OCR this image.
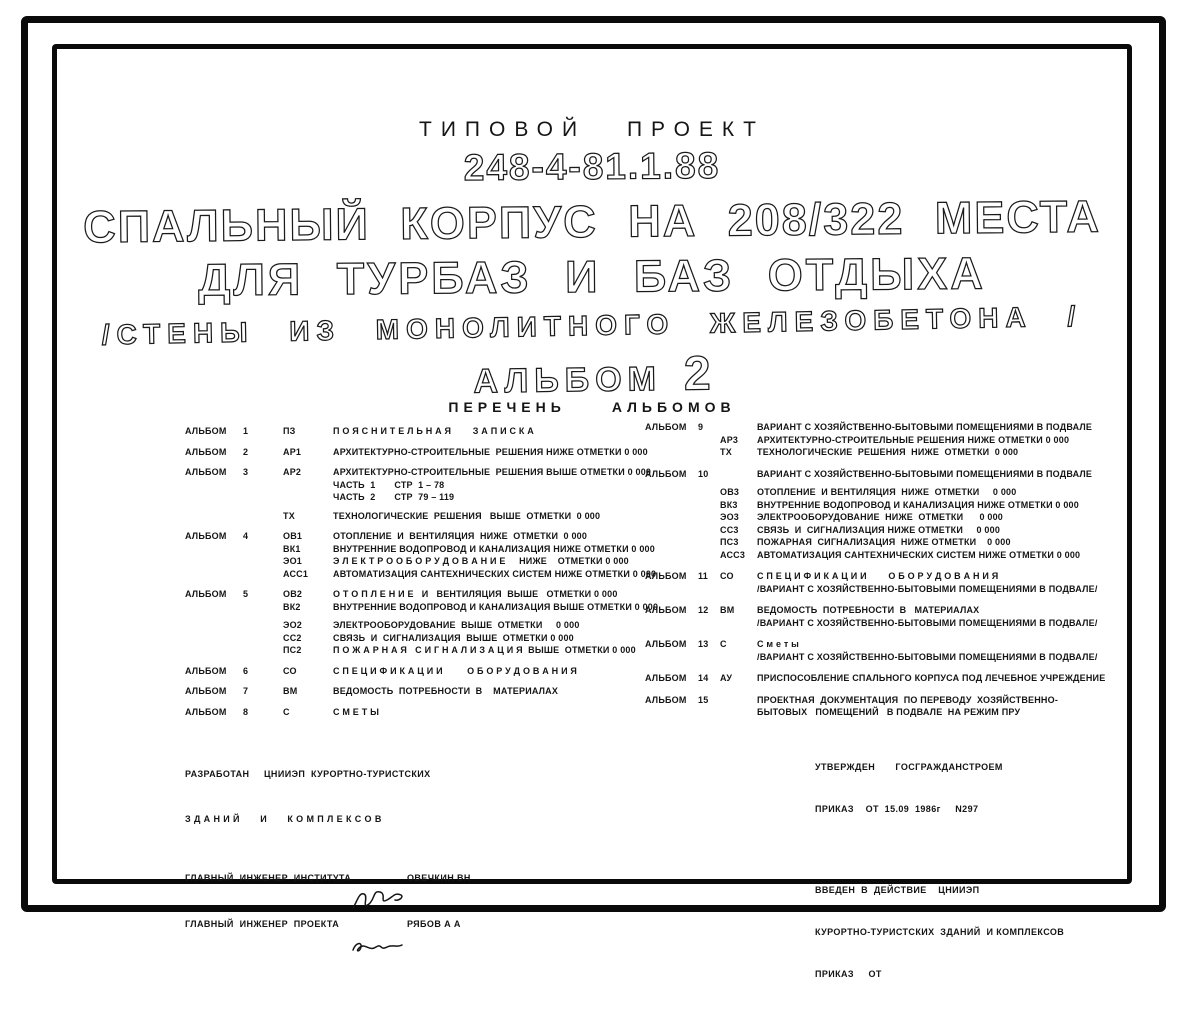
ТИПОВОЙ ПРОЕКТ
248-4-81.1.88
СПАЛЬНЫЙ КОРПУС НА 208/322 МЕСТА
ДЛЯ ТУРБАЗ И БАЗ ОТДЫХА
/СТЕНЫ ИЗ МОНОЛИТНОГО ЖЕЛЕЗОБЕТОНА /
АЛЬБОМ 2
ПЕРЕЧЕНЬ	АЛЬБОМОВ
АЛЬБОМ	1	ПЗ	П О Я С Н И Т Е Л Ь Н А Я        З А П И С К А
АЛЬБОМ	2	АР1	АРХИТЕКТУРНО-СТРОИТЕЛЬНЫЕ  РЕШЕНИЯ НИЖЕ ОТМЕТКИ 0 000
АЛЬБОМ	3	АР2	АРХИТЕКТУРНО-СТРОИТЕЛЬНЫЕ  РЕШЕНИЯ ВЫШЕ ОТМЕТКИ 0 000
ЧАСТЬ  1       СТР  1 – 78
ЧАСТЬ  2       СТР  79 – 119
ТХ	ТЕХНОЛОГИЧЕСКИЕ  РЕШЕНИЯ   ВЫШЕ  ОТМЕТКИ  0 000
АЛЬБОМ	4	ОВ1	ОТОПЛЕНИЕ  И  ВЕНТИЛЯЦИЯ  НИЖЕ  ОТМЕТКИ  0 000
ВК1	ВНУТРЕННИЕ ВОДОПРОВОД И КАНАЛИЗАЦИЯ НИЖЕ ОТМЕТКИ 0 000
ЭО1	Э Л Е К Т Р О О Б О Р У Д О В А Н И Е     НИЖЕ    ОТМЕТКИ 0 000
АСС1	АВТОМАТИЗАЦИЯ САНТЕХНИЧЕСКИХ СИСТЕМ НИЖЕ ОТМЕТКИ 0 000
АЛЬБОМ	5	ОВ2	О Т О П Л Е Н И Е   И   ВЕНТИЛЯЦИЯ  ВЫШЕ   ОТМЕТКИ 0 000
ВК2	ВНУТРЕННИЕ ВОДОПРОВОД И КАНАЛИЗАЦИЯ ВЫШЕ ОТМЕТКИ 0 000
ЭО2	ЭЛЕКТРООБОРУДОВАНИЕ  ВЫШЕ  ОТМЕТКИ     0 000
СС2	СВЯЗЬ  И  СИГНАЛИЗАЦИЯ  ВЫШЕ  ОТМЕТКИ 0 000
ПС2	П О Ж А Р Н А Я   С И Г Н А Л И З А Ц И Я  ВЫШЕ  ОТМЕТКИ 0 000
АЛЬБОМ	6	СО	С П Е Ц И Ф И К А Ц И И         О Б О Р У Д О В А Н И Я
АЛЬБОМ	7	ВМ	ВЕДОМОСТЬ  ПОТРЕБНОСТИ  В    МАТЕРИАЛАХ
АЛЬБОМ	8	С	С М Е Т Ы
АЛЬБОМ	9	ВАРИАНТ С ХОЗЯЙСТВЕННО-БЫТОВЫМИ ПОМЕЩЕНИЯМИ В ПОДВАЛЕ
АР3	АРХИТЕКТУРНО-СТРОИТЕЛЬНЫЕ РЕШЕНИЯ НИЖЕ ОТМЕТКИ 0 000
ТХ	ТЕХНОЛОГИЧЕСКИЕ  РЕШЕНИЯ  НИЖЕ  ОТМЕТКИ  0 000
АЛЬБОМ	10	ВАРИАНТ С ХОЗЯЙСТВЕННО-БЫТОВЫМИ ПОМЕЩЕНИЯМИ В ПОДВАЛЕ
ОВ3	ОТОПЛЕНИЕ  И ВЕНТИЛЯЦИЯ  НИЖЕ  ОТМЕТКИ     0 000
ВК3	ВНУТРЕННИЕ ВОДОПРОВОД И КАНАЛИЗАЦИЯ НИЖЕ ОТМЕТКИ 0 000
ЭО3	ЭЛЕКТРООБОРУДОВАНИЕ  НИЖЕ  ОТМЕТКИ      0 000
СС3	СВЯЗЬ  И  СИГНАЛИЗАЦИЯ НИЖЕ ОТМЕТКИ     0 000
ПС3	ПОЖАРНАЯ  СИГНАЛИЗАЦИЯ  НИЖЕ ОТМЕТКИ    0 000
АСС3	АВТОМАТИЗАЦИЯ САНТЕХНИЧЕСКИХ СИСТЕМ НИЖЕ ОТМЕТКИ 0 000
АЛЬБОМ	11	СО	С П Е Ц И Ф И К А Ц И И        О Б О Р У Д О В А Н И Я
/ВАРИАНТ С ХОЗЯЙСТВЕННО-БЫТОВЫМИ ПОМЕЩЕНИЯМИ В ПОДВАЛЕ/
АЛЬБОМ	12	ВМ	ВЕДОМОСТЬ  ПОТРЕБНОСТИ  В   МАТЕРИАЛАХ
/ВАРИАНТ С ХОЗЯЙСТВЕННО-БЫТОВЫМИ ПОМЕЩЕНИЯМИ В ПОДВАЛЕ/
АЛЬБОМ	13	С	С м е т ы
/ВАРИАНТ С ХОЗЯЙСТВЕННО-БЫТОВЫМИ ПОМЕЩЕНИЯМИ В ПОДВАЛЕ/
АЛЬБОМ	14	АУ	ПРИСПОСОБЛЕНИЕ СПАЛЬНОГО КОРПУСА ПОД ЛЕЧЕБНОЕ УЧРЕЖДЕНИЕ
АЛЬБОМ	15	ПРОЕКТНАЯ  ДОКУМЕНТАЦИЯ  ПО ПЕРЕВОДУ  ХОЗЯЙСТВЕННО-
БЫТОВЫХ   ПОМЕЩЕНИЙ   В ПОДВАЛЕ  НА РЕЖИМ ПРУ

РАЗРАБОТАН     ЦНИИЭП  КУРОРТНО-ТУРИСТСКИХ

З Д А Н И Й       И       К О М П Л Е К С О В

ГЛАВНЫЙ  ИНЖЕНЕР  ИНСТИТУТА

	ОВЕЧКИН ВН

ГЛАВНЫЙ  ИНЖЕНЕР  ПРОЕКТА

	РЯБОВ А А

УТВЕРЖДЕН       ГОСГРАЖДАНСТРОЕМ

ПРИКАЗ    ОТ  15.09  1986г     N297

ВВЕДЕН  В  ДЕЙСТВИЕ    ЦНИИЭП

КУРОРТНО-ТУРИСТСКИХ  ЗДАНИЙ  И КОМПЛЕКСОВ

ПРИКАЗ     ОТ
